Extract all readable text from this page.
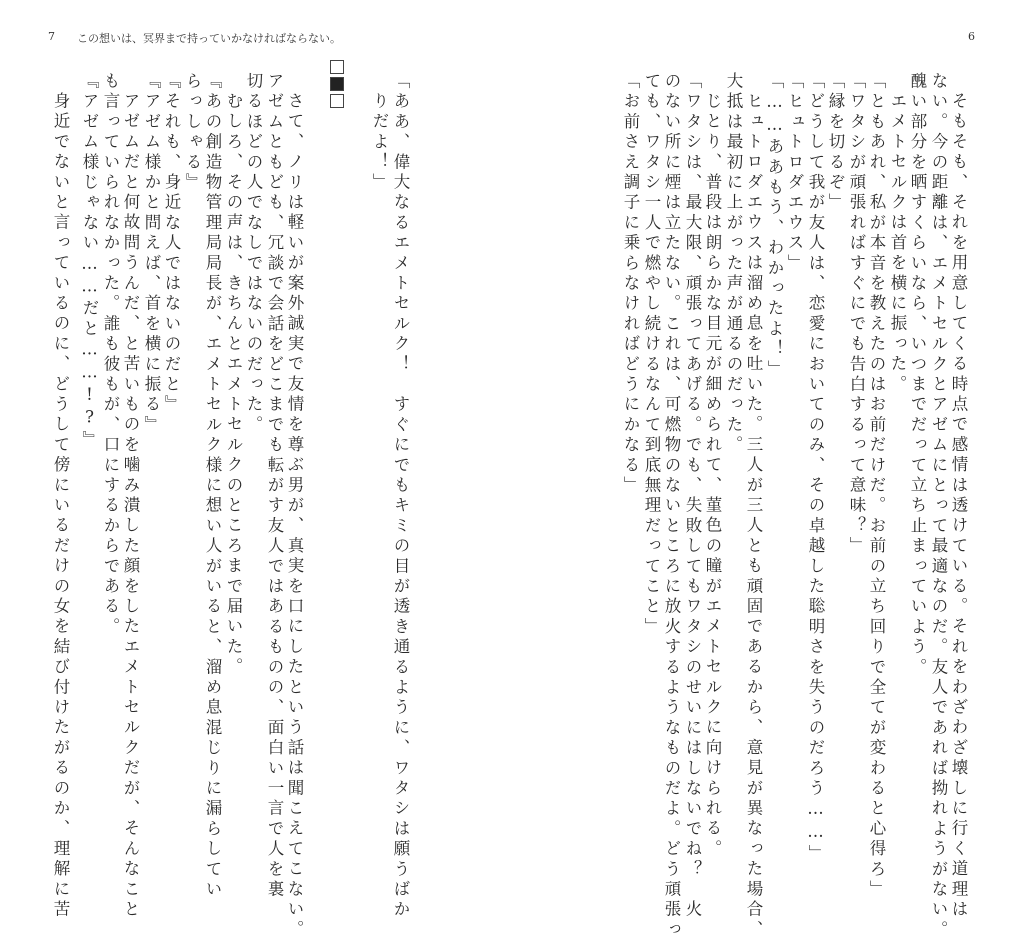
7 この想いは、冥界まで持っていかなければならない。
「ああ、偉大なるエメトセルク！　すぐにでもキミの目が透き通るように、ワタシは願うばか
りだよ！」
さて、ノリは軽いが案外誠実で友情を尊ぶ男が、真実を口にしたという話は聞こえてこない。
アゼムともども、冗談で会話をどこまでも転がす友人ではあるものの、面白い一言で人を裏
切るほどの人でなしではないのだった。
むしろ、その声は、きちんとエメトセルクのところまで届いた。
『あの創造物管理局局長が、エメトセルク様に想い人がいると、溜め息混じりに漏らしてい
らっしゃる』
『それも、身近な人ではないのだと』
『アゼム様かと問えば、首を横に振る』
アゼムだと何故問うんだ、と苦いものを噛み潰した顔をしたエメトセルクだが、そんなこと
も言っていられなかった。誰も彼もが、口にするからである。
『アゼム様じゃない……だと……!?』
身近でないと言っているのに、どうして傍にいるだけの女を結び付けたがるのか、理解に苦	そもそも、それを用意してくる時点で感情は透けている。それをわざわざ壊しに行く道理は
ない。今の距離は、エメトセルクとアゼムにとって最適なのだ。友人であれば拗れようがない。
醜い部分を晒すくらいなら、いつまでだって立ち止まっていよう。
エメトセルクは首を横に振った。
「ともあれ、私が本音を教えたのはお前だけだ。お前の立ち回りで全てが変わると心得ろ」
「ワタシが頑張ればすぐにでも告白するって意味？」
「縁を切るぞ」
「どうして我が友人は、恋愛においてのみ、その卓越した聡明さを失うのだろう……」
「ヒュトロダエウス」
「……ああもう、わかったよ！」
ヒュトロダエウスは溜め息を吐いた。三人が三人とも頑固であるから、意見が異なった場合、
大抵は最初に上がった声が通るのだった。
じとり、普段は朗らかな目元が細められて、菫色の瞳がエメトセルクに向けられる。
「ワタシは、最大限、頑張ってあげる。でも、失敗してもワタシのせいにはしないでね？　火
のない所に煙は立たない。これは、可燃物のないところに放火するようなものだよ。どう頑張っ
ても、ワタシ一人で燃やし続けるなんて到底無理だってこと」
「お前さえ調子に乗らなければどうにかなる」
6
